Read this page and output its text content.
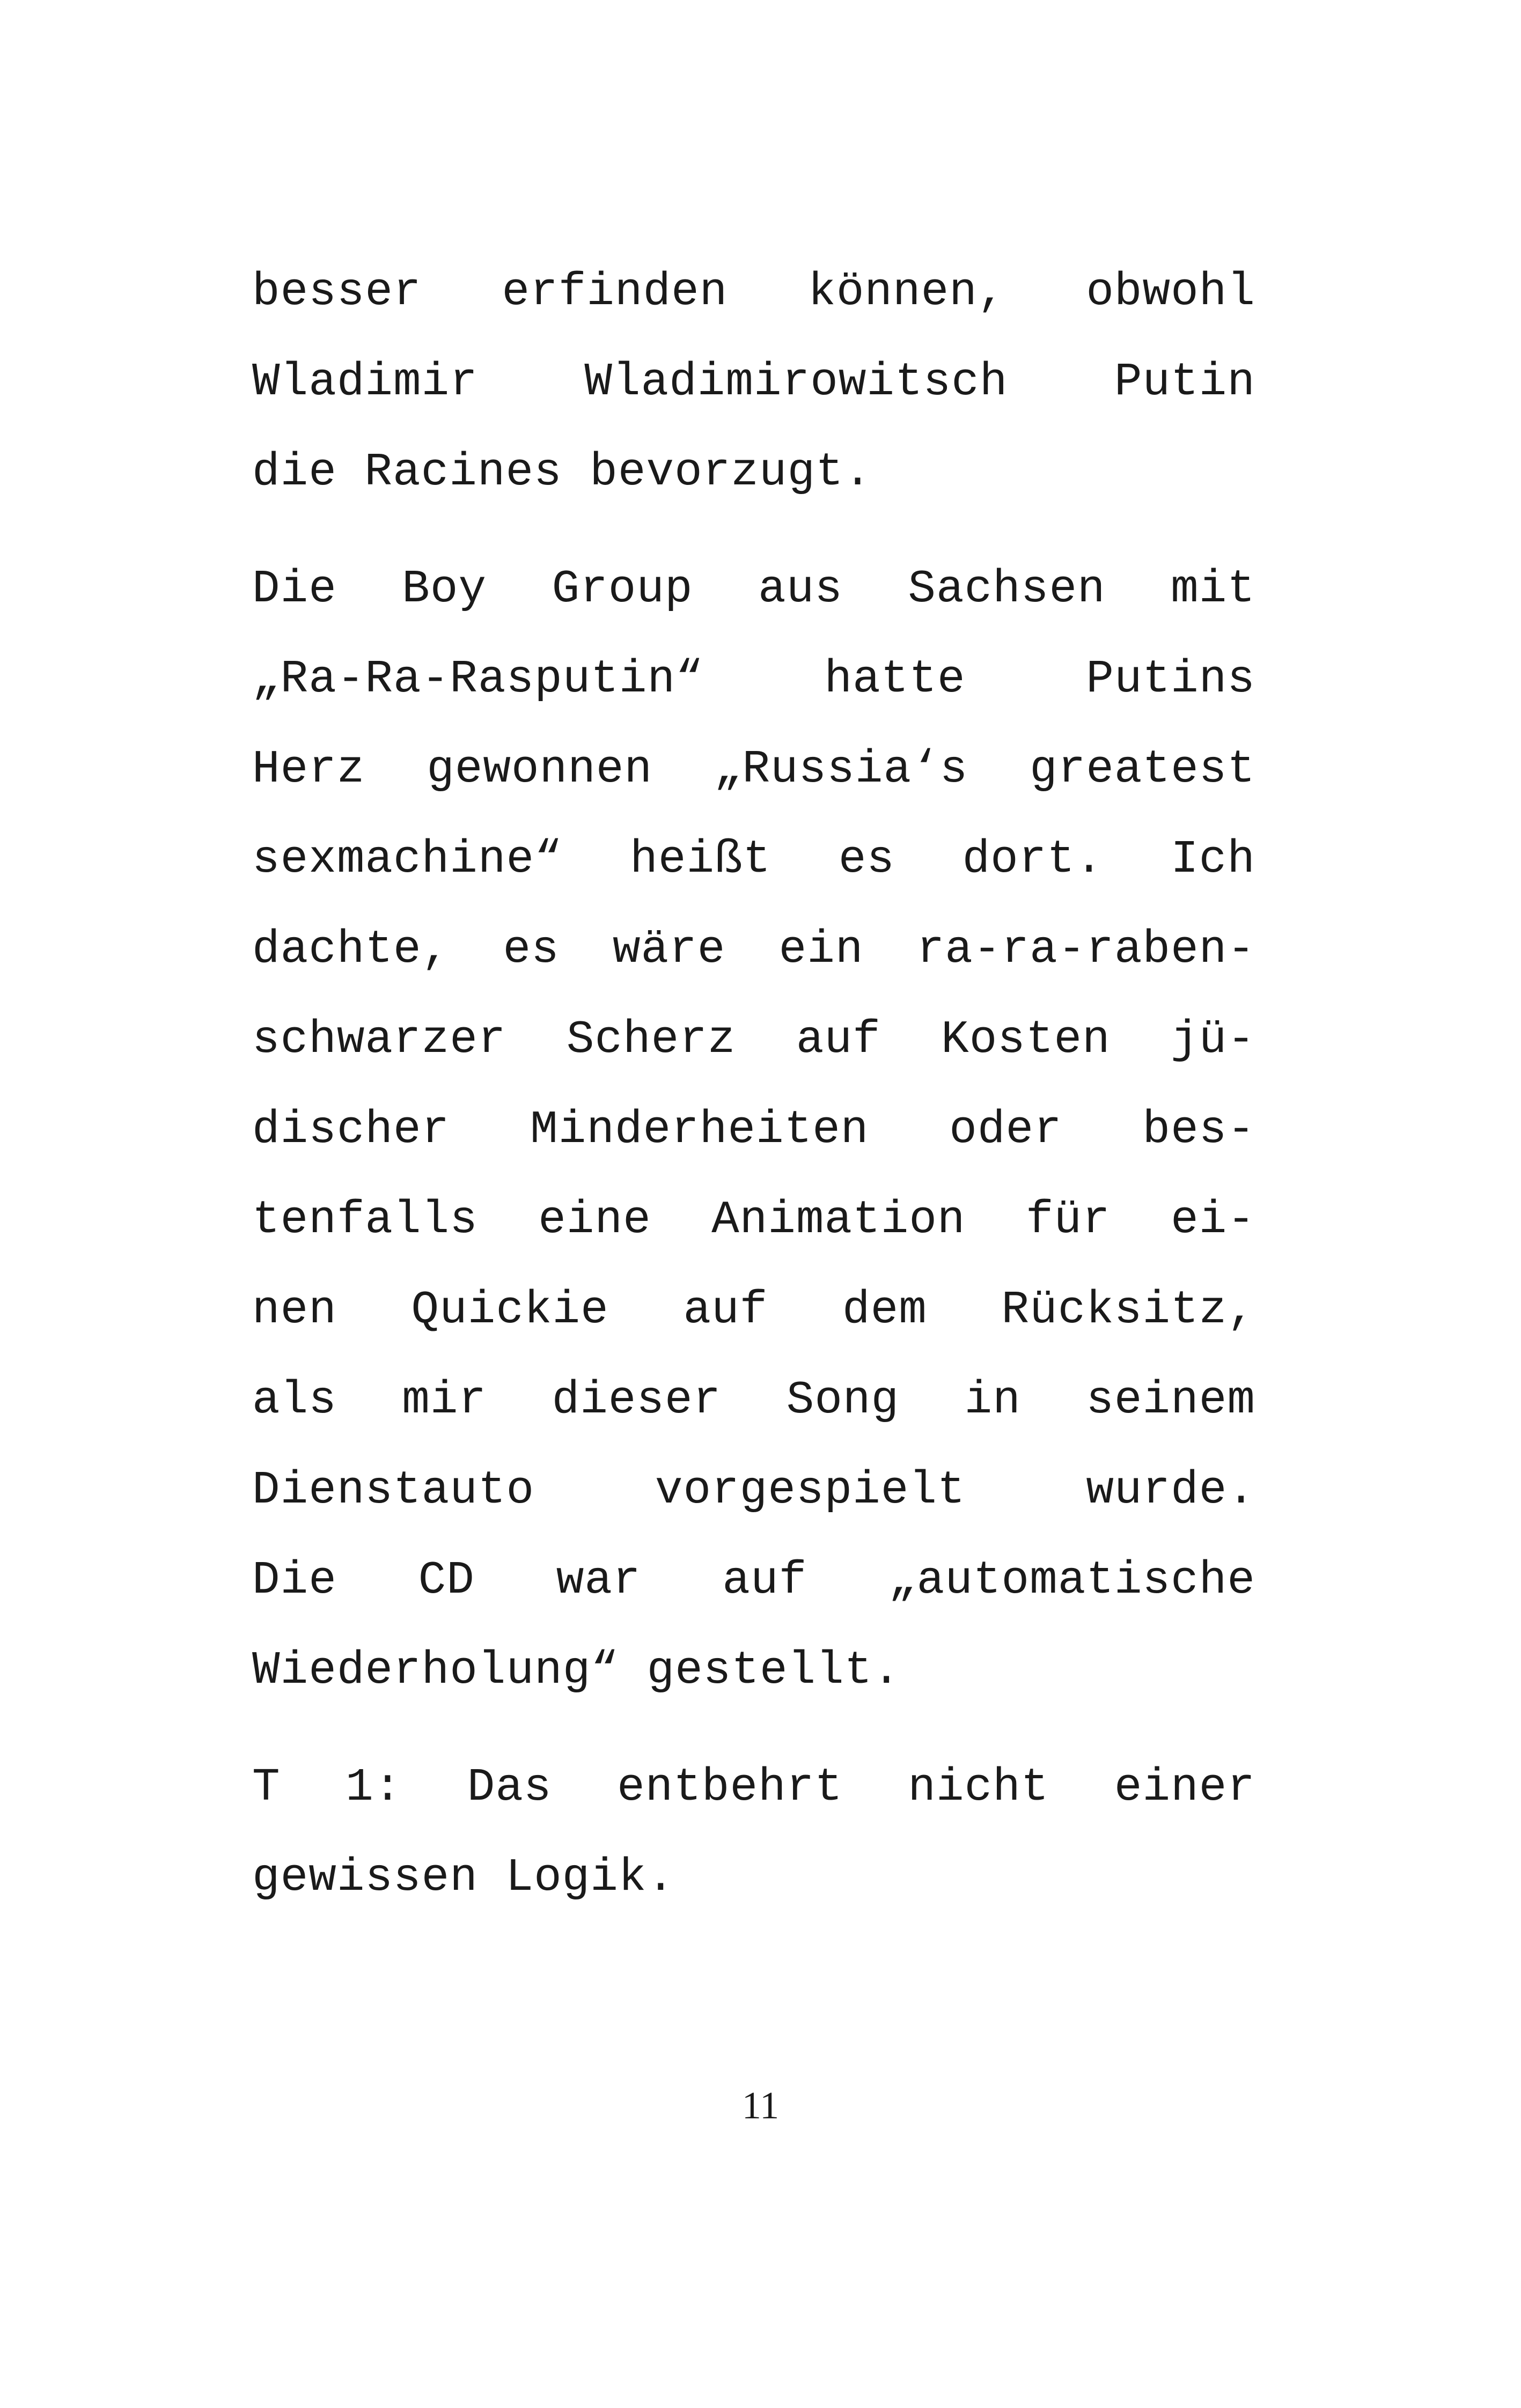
besser erfinden können, obwohl
Wladimir Wladimirowitsch Putin
die Racines bevorzugt.
Die Boy Group aus Sachsen mit
„Ra-Ra-Rasputin“	hatte	Putins
Herz gewonnen „Russia‘s greatest
sexmachine“ heißt es dort. Ich
dachte, es wäre ein ra-ra-raben-
schwarzer Scherz auf Kosten jü-
discher Minderheiten oder bes-
tenfalls eine Animation für ei-
nen Quickie auf dem Rücksitz,
als mir dieser Song in seinem
Dienstauto	vorgespielt	wurde.
Die CD war auf „automatische
Wiederholung“ gestellt.
T 1: Das entbehrt nicht einer
gewissen Logik.
11
